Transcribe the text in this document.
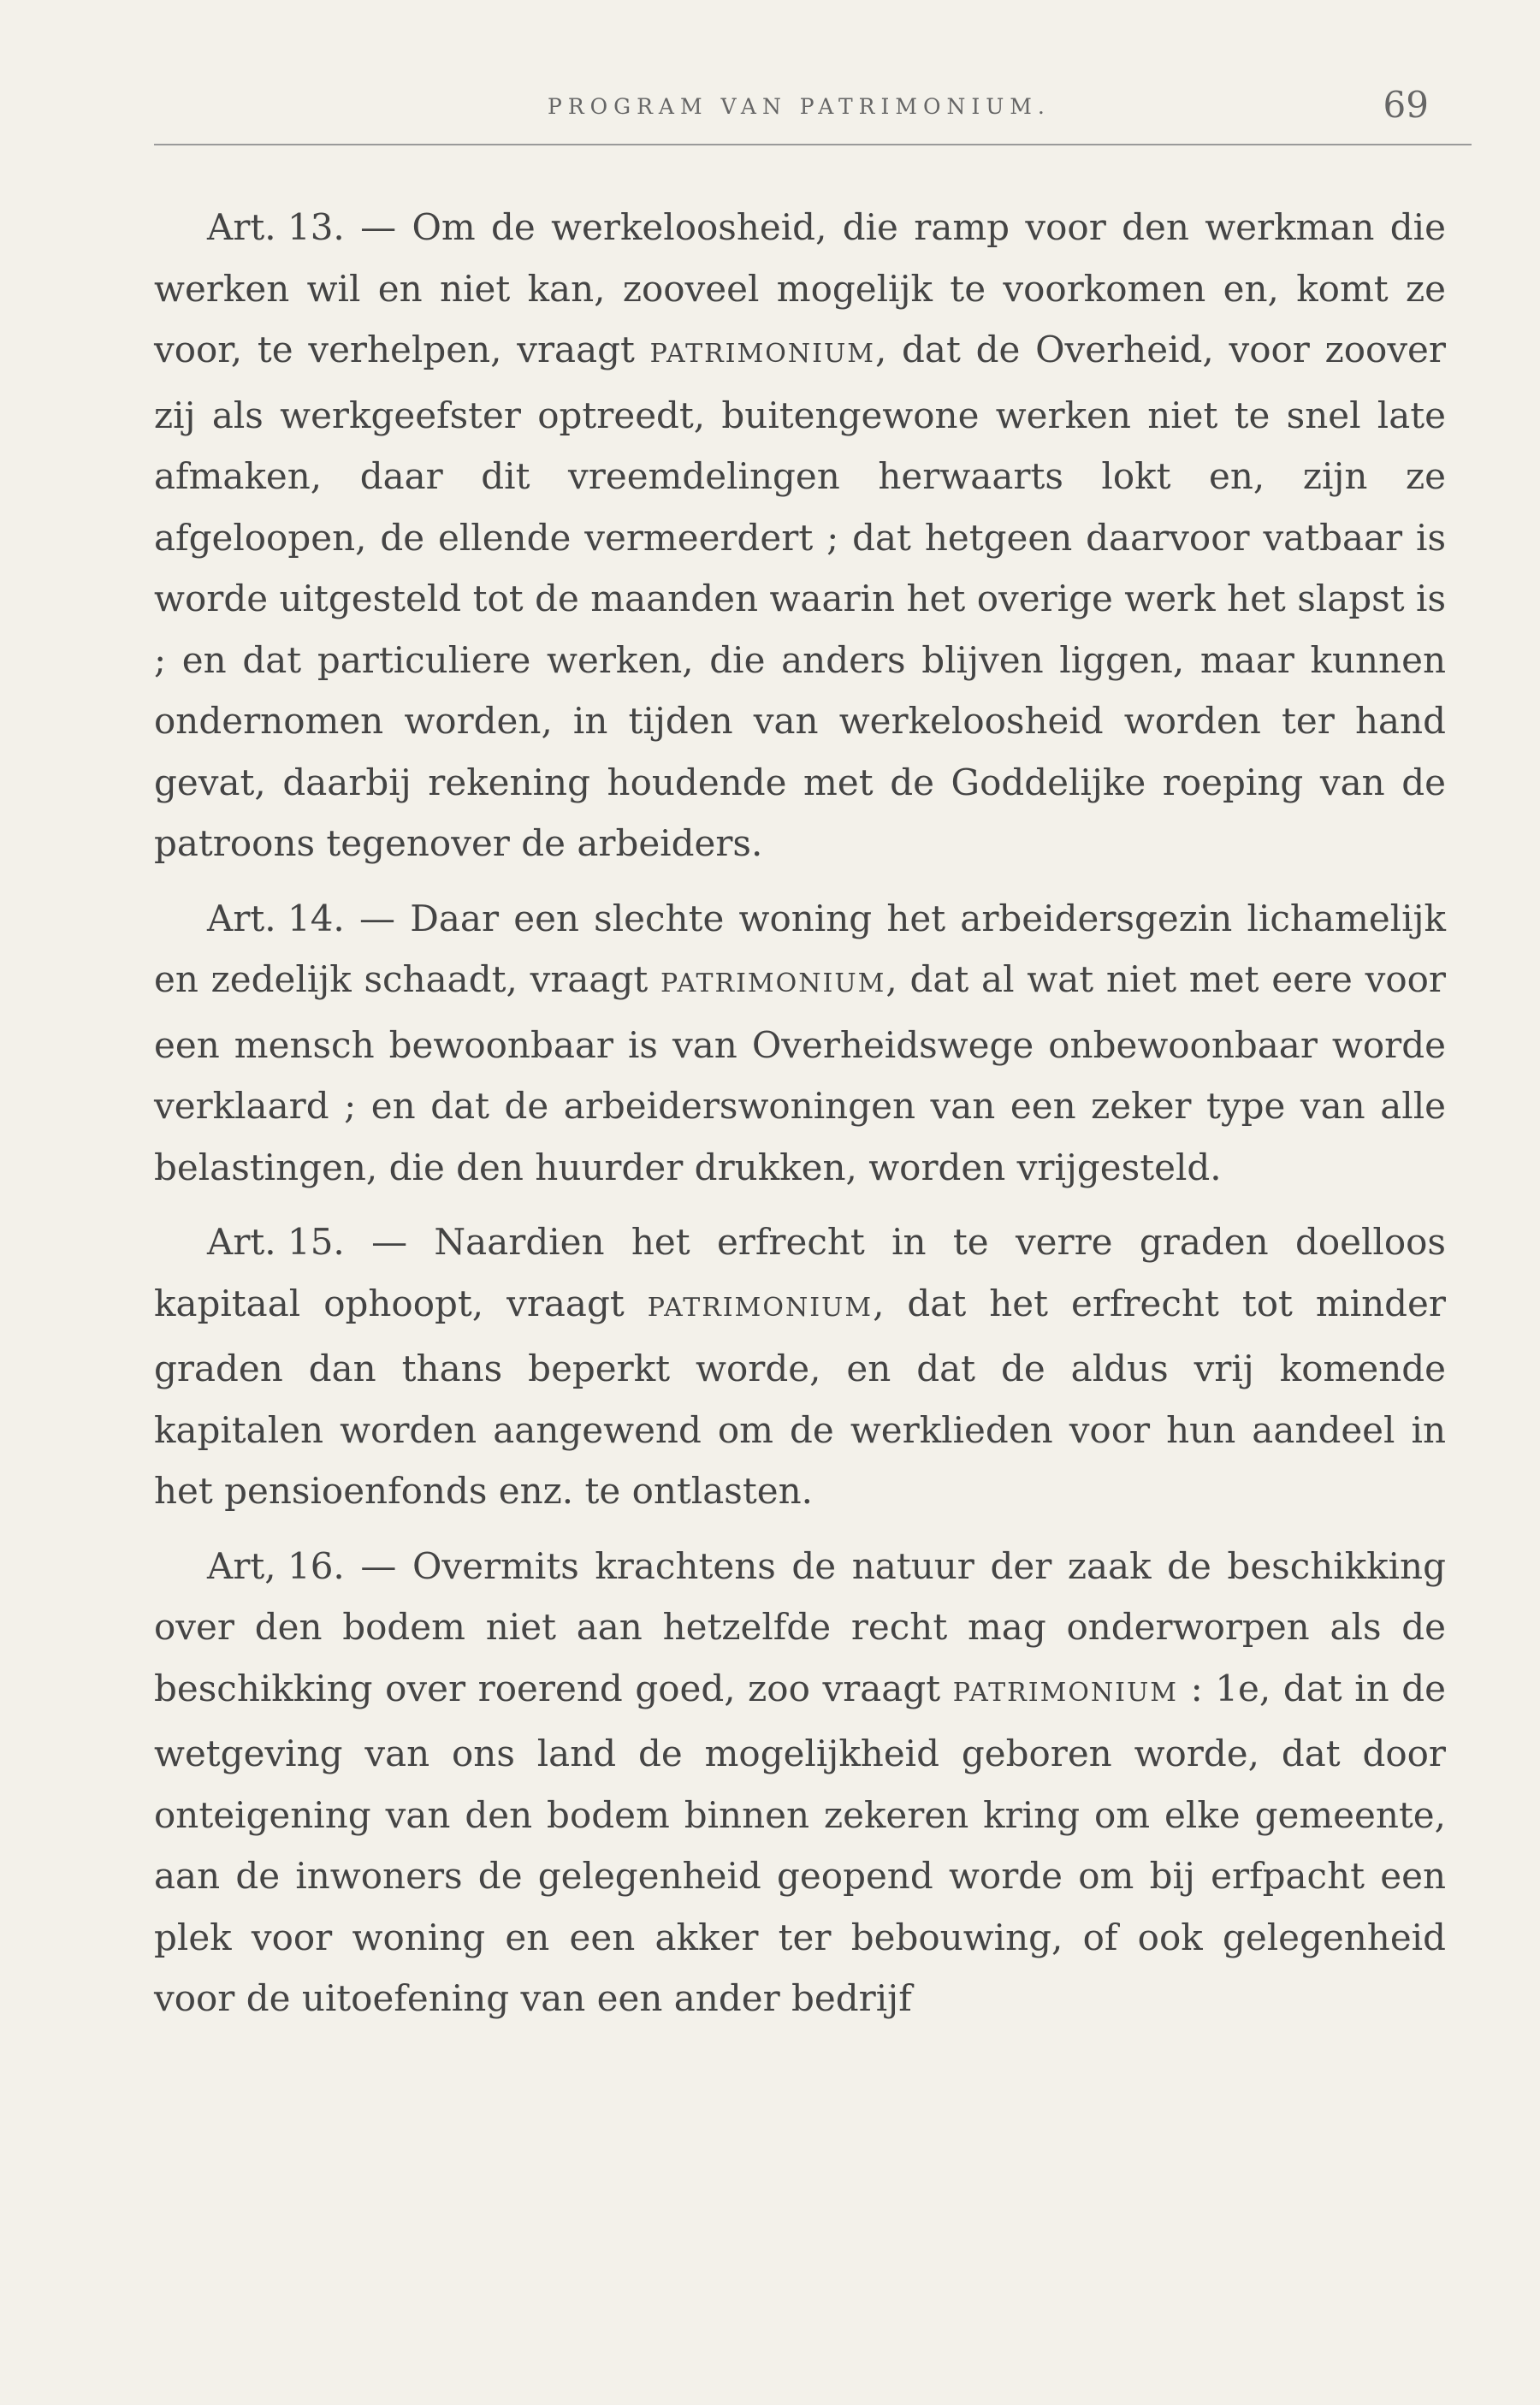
PROGRAM VAN PATRIMONIUM.	69

Art. 13. — Om de werkeloosheid, die ramp voor den werkman die werken wil en niet kan, zooveel mogelijk te voorkomen en, komt ze voor, te verhelpen, vraagt PATRIMONIUM, dat de Overheid, voor zoover zij als werkgeefster optreedt, buitengewone werken niet te snel late afmaken, daar dit vreemdelingen herwaarts lokt en, zijn ze afgeloopen, de ellende vermeerdert ; dat hetgeen daarvoor vatbaar is worde uitgesteld tot de maanden waarin het overige werk het slapst is ; en dat particuliere werken, die anders blijven liggen, maar kunnen ondernomen worden, in tijden van werkeloosheid worden ter hand gevat, daarbij rekening houdende met de Goddelijke roeping van de patroons tegenover de arbeiders.

Art. 14. — Daar een slechte woning het arbeidersgezin lichamelijk en zedelijk schaadt, vraagt PATRIMONIUM, dat al wat niet met eere voor een mensch bewoonbaar is van Overheidswege onbewoonbaar worde verklaard ; en dat de arbeiderswoningen van een zeker type van alle belastingen, die den huurder drukken, worden vrijgesteld.

Art. 15. — Naardien het erfrecht in te verre graden doelloos kapitaal ophoopt, vraagt PATRIMONIUM, dat het erfrecht tot minder graden dan thans beperkt worde, en dat de aldus vrij komende kapitalen worden aangewend om de werklieden voor hun aandeel in het pensioenfonds enz. te ontlasten.

Art, 16. — Overmits krachtens de natuur der zaak de beschikking over den bodem niet aan hetzelfde recht mag onderworpen als de beschikking over roerend goed, zoo vraagt PATRIMONIUM : 1e, dat in de wetgeving van ons land de mogelijkheid geboren worde, dat door onteigening van den bodem binnen zekeren kring om elke gemeente, aan de inwoners de gelegenheid geopend worde om bij erfpacht een plek voor woning en een akker ter bebouwing, of ook gelegenheid voor de uitoefening van een ander bedrijf
